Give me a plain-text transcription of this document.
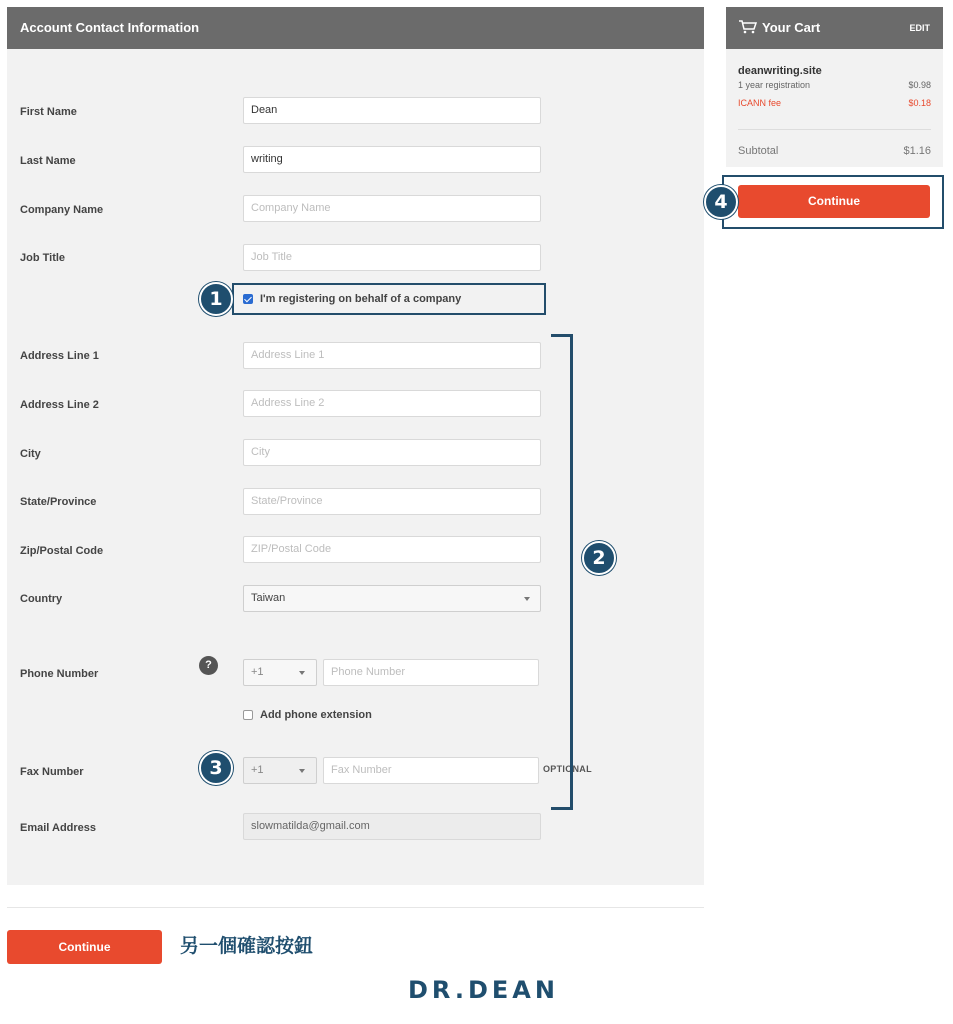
Account Contact Information
First Name	Dean
Last Name	writing
Company Name	Company Name
Job Title	Job Title
I'm registering on behalf of a company
Address Line 1	Address Line 1
Address Line 2	Address Line 2
City	City
State/Province	State/Province
Zip/Postal Code	ZIP/Postal Code
Country	Taiwan
Phone Number	+1	Phone Number
Add phone extension
Fax Number	+1	Fax Number
Email Address	slowmatilda@gmail.com
?
OPTIONAL
1
2
3
Your Cart	EDIT
deanwriting.site
1 year registration	$0.98
ICANN fee	$0.18
Subtotal	$1.16
Continue
4
Continue	另一個確認按鈕
DR.DEAN
